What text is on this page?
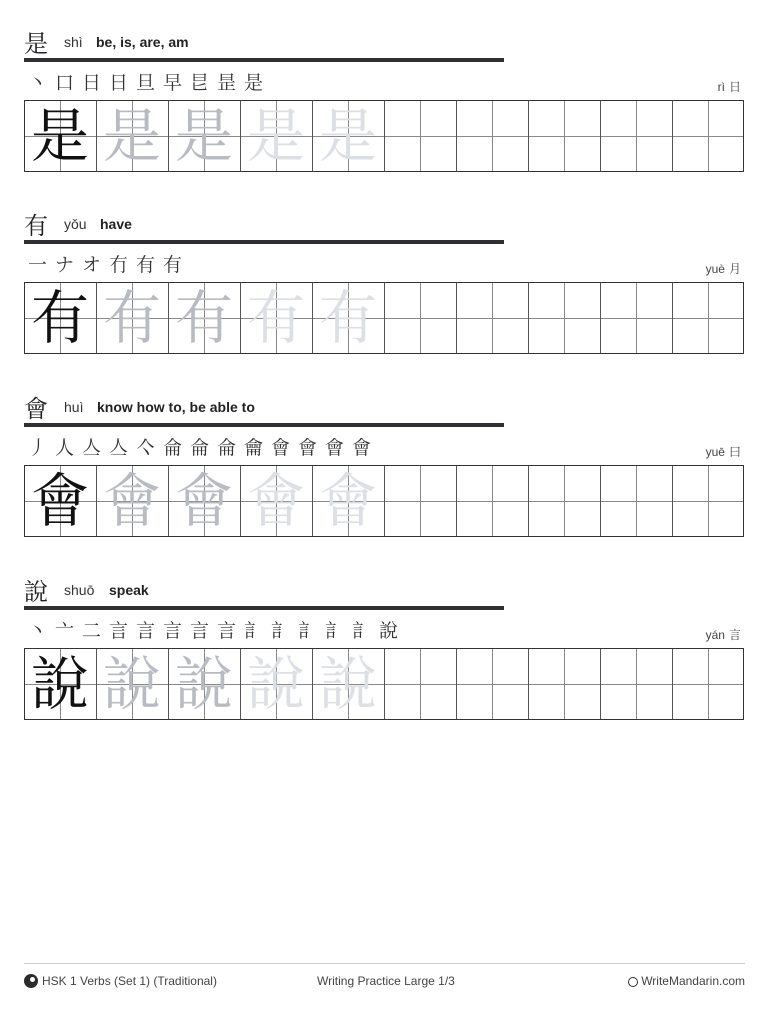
是 shì be, is, are, am
丶 口 日 日 旦 早 㫐 昰 是	rì 日
是 是 是 是 是
有 yǒu have
一 ナ オ 冇 有 有	yuè 月
有 有 有 有 有
會 huì know how to, be able to
丿 人 亼 亼 亽 侖 侖 侖 龠 會 會 會 會	yuē 曰
會 會 會 會 會
說 shuō speak
丶 亠 二 言 言 言 言 言 訁 訁 訁 訁 訁 說	yán 言
說 說 說 說 說
HSK 1 Verbs (Set 1) (Traditional)	Writing Practice Large 1/3	WriteMandarin.com
